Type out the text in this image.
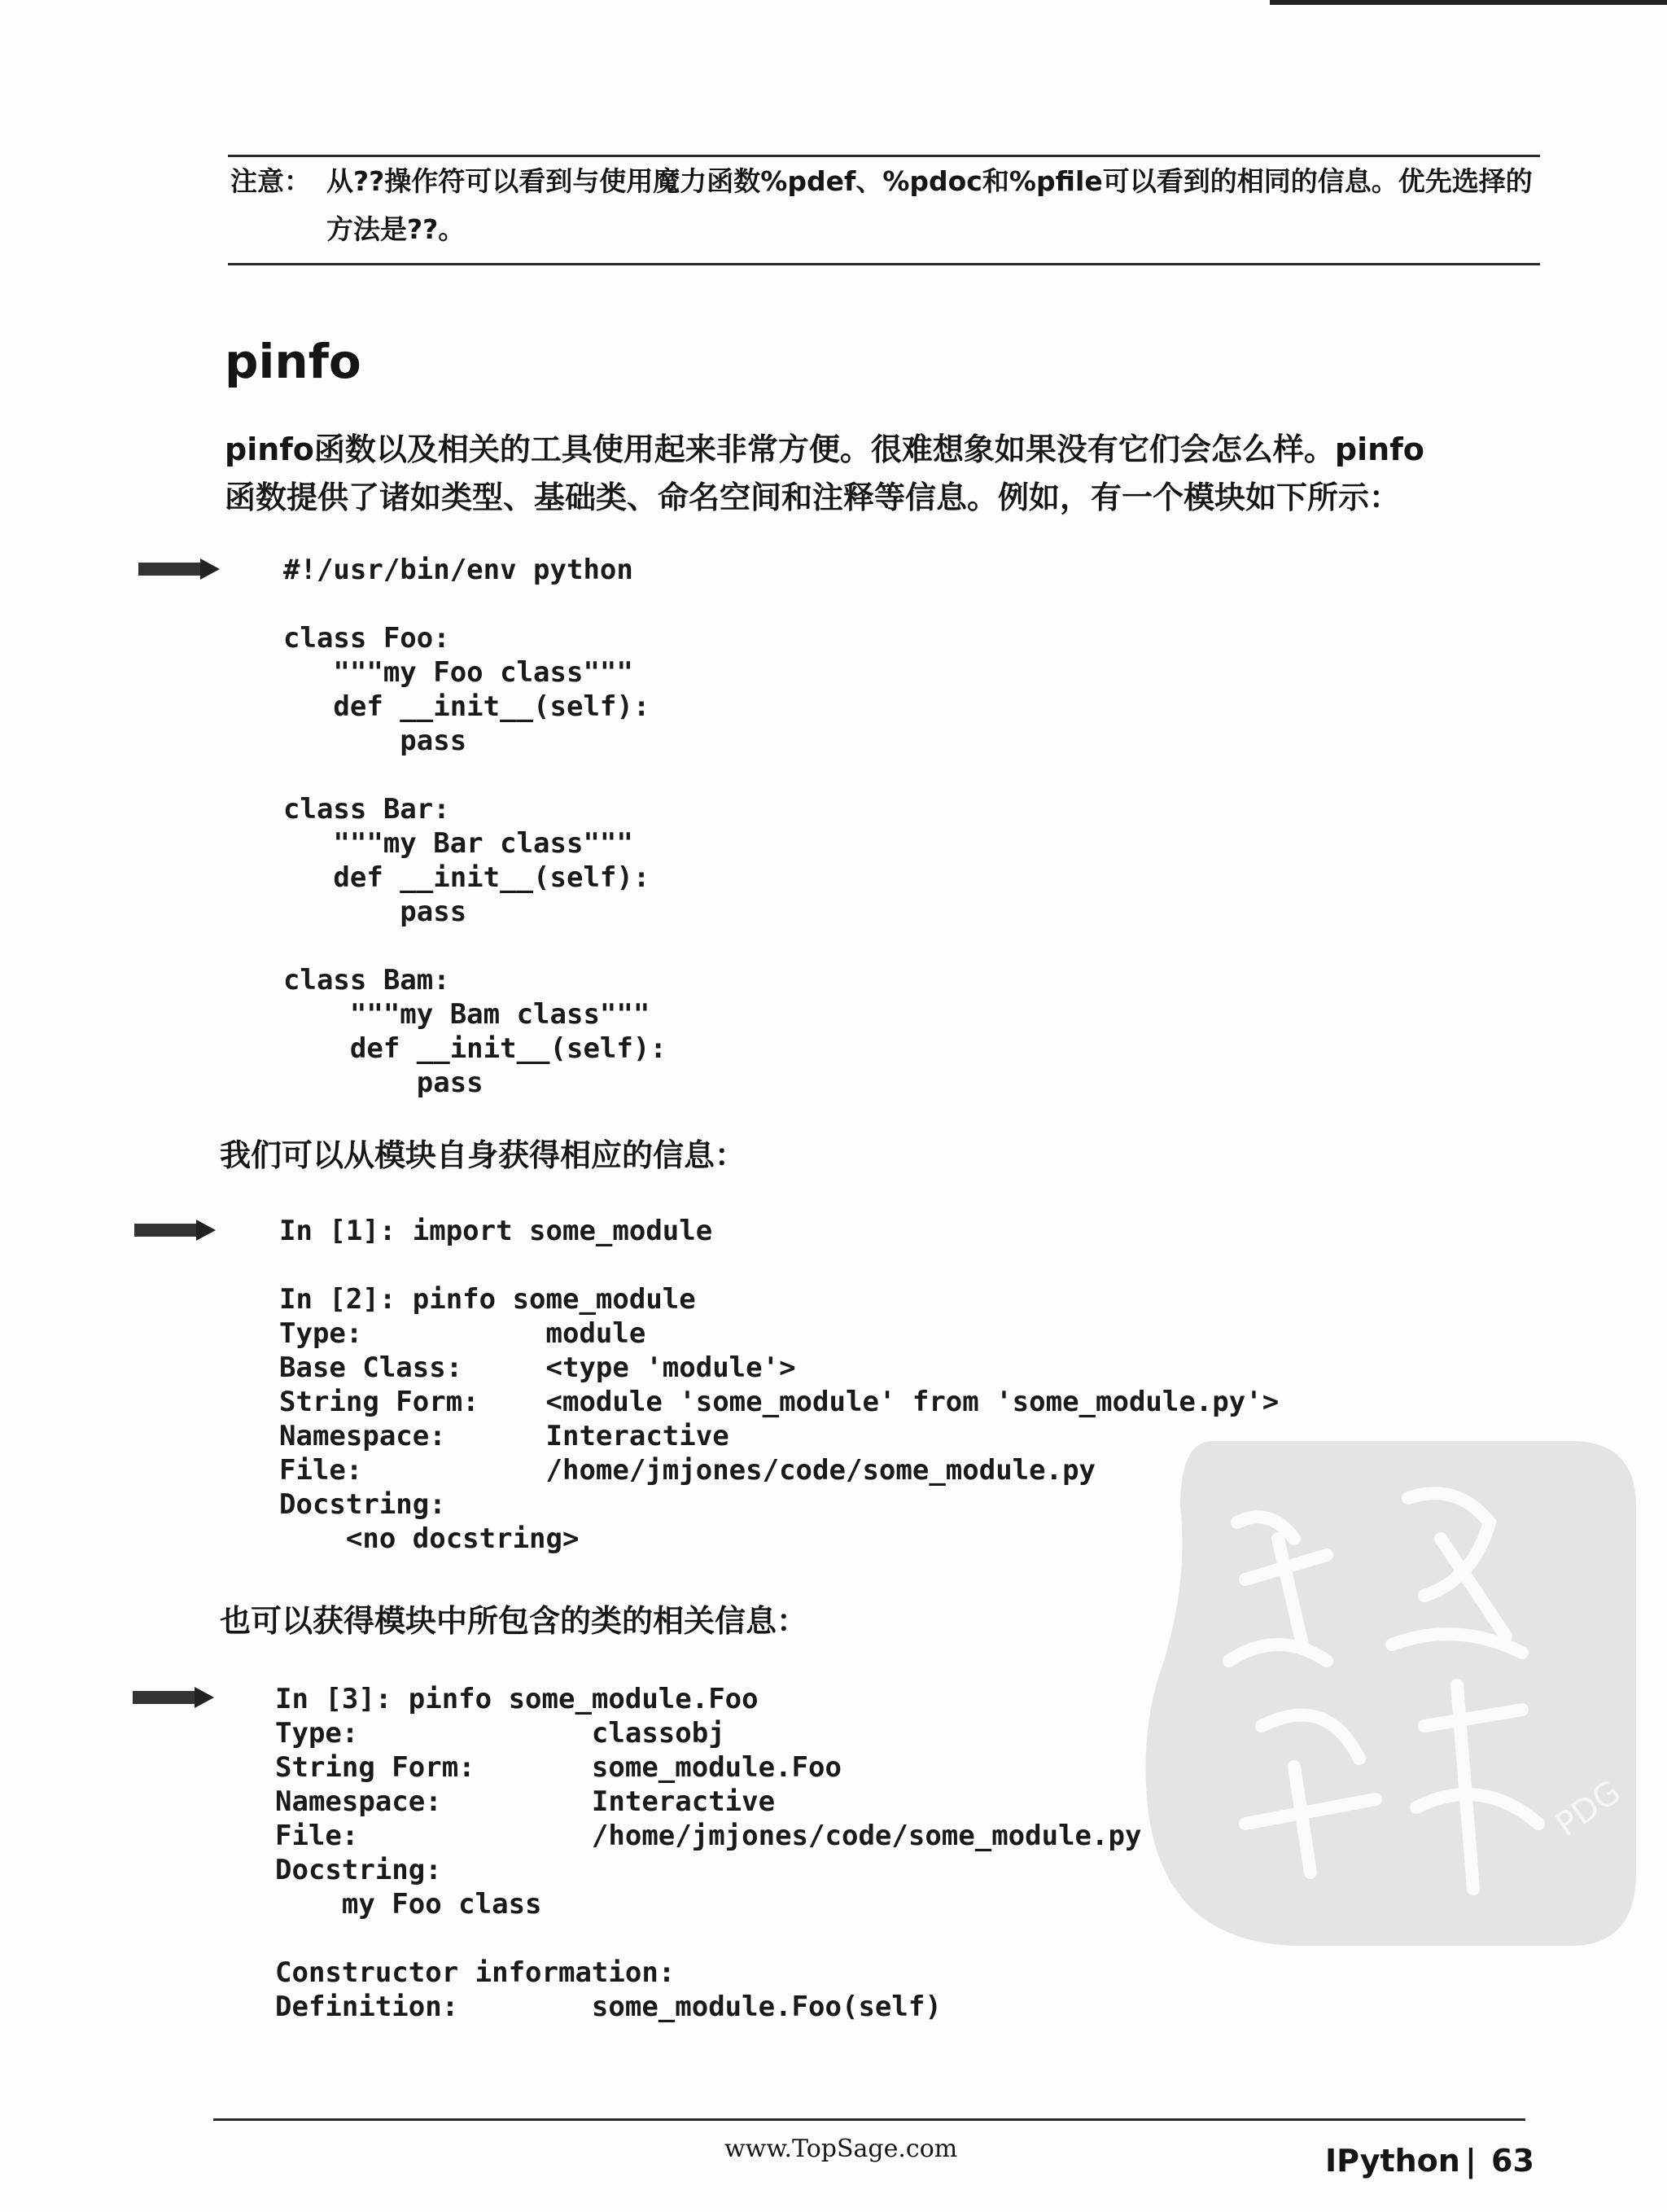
注意： 从??操作符可以看到与使用魔力函数%pdef、%pdoc和%pfile可以看到的相同的信息。优先选择的方法是??。
pinfo
pinfo函数以及相关的工具使用起来非常方便。很难想象如果没有它们会怎么样。pinfo
函数提供了诸如类型、基础类、命名空间和注释等信息。例如，有一个模块如下所示：
#!/usr/bin/env python

class Foo:
"""my Foo class"""
def __init__(self):
pass

class Bar:
"""my Bar class"""
def __init__(self):
pass

class Bam:
"""my Bam class"""
def __init__(self):
pass
我们可以从模块自身获得相应的信息：
In [1]: import some_module

In [2]: pinfo some_module
Type:           module
Base Class:     <type 'module'>
String Form:    <module 'some_module' from 'some_module.py'>
Namespace:      Interactive
File:           /home/jmjones/code/some_module.py
Docstring:
<no docstring>
也可以获得模块中所包含的类的相关信息：
In [3]: pinfo some_module.Foo
Type:              classobj
String Form:       some_module.Foo
Namespace:         Interactive
File:              /home/jmjones/code/some_module.py
Docstring:
my Foo class

Constructor information:
Definition:        some_module.Foo(self)
PDG
www.TopSage.com	IPython | 63
